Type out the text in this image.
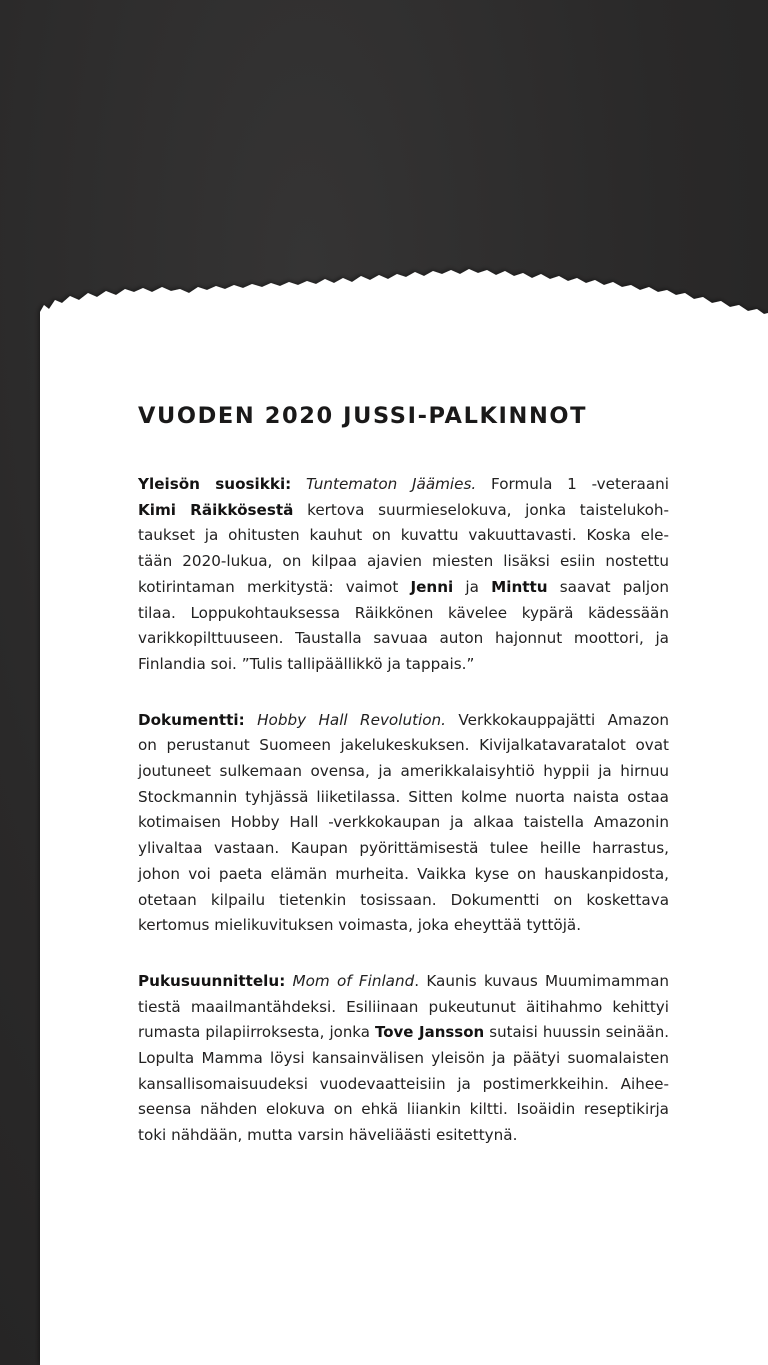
VUODEN 2020 JUSSI-PALKINNOT

Yleisön suosikki: Tuntematon Jäämies. Formula 1 -veteraani
Kimi Räikkösestä kertova suurmieselokuva, jonka taistelukoh-
taukset ja ohitusten kauhut on kuvattu vakuuttavasti. Koska ele-
tään 2020-lukua, on kilpaa ajavien miesten lisäksi esiin nostettu
kotirintaman merkitystä: vaimot Jenni ja Minttu saavat paljon
tilaa. Loppukohtauksessa Räikkönen kävelee kypärä kädessään
varikkopilttuuseen. Taustalla savuaa auton hajonnut moottori, ja
Finlandia soi. ”Tulis tallipäällikkö ja tappais.”

Dokumentti: Hobby Hall Revolution. Verkkokauppajätti Amazon
on perustanut Suomeen jakelukeskuksen. Kivijalkatavaratalot ovat
joutuneet sulkemaan ovensa, ja amerikkalaisyhtiö hyppii ja hirnuu
Stockmannin tyhjässä liiketilassa. Sitten kolme nuorta naista ostaa
kotimaisen Hobby Hall -verkkokaupan ja alkaa taistella Amazonin
ylivaltaa vastaan. Kaupan pyörittämisestä tulee heille harrastus,
johon voi paeta elämän murheita. Vaikka kyse on hauskanpidosta,
otetaan kilpailu tietenkin tosissaan. Dokumentti on koskettava
kertomus mielikuvituksen voimasta, joka eheyttää tyttöjä.

Pukusuunnittelu: Mom of Finland. Kaunis kuvaus Muumimamman
tiestä maailmantähdeksi. Esiliinaan pukeutunut äitihahmo kehittyi
rumasta pilapiirroksesta, jonka Tove Jansson sutaisi huussin seinään.
Lopulta Mamma löysi kansainvälisen yleisön ja päätyi suomalaisten
kansallisomaisuudeksi vuodevaatteisiin ja postimerkkeihin. Aihee-
seensa nähden elokuva on ehkä liiankin kiltti. Isoäidin reseptikirja
toki nähdään, mutta varsin häveliäästi esitettynä.
